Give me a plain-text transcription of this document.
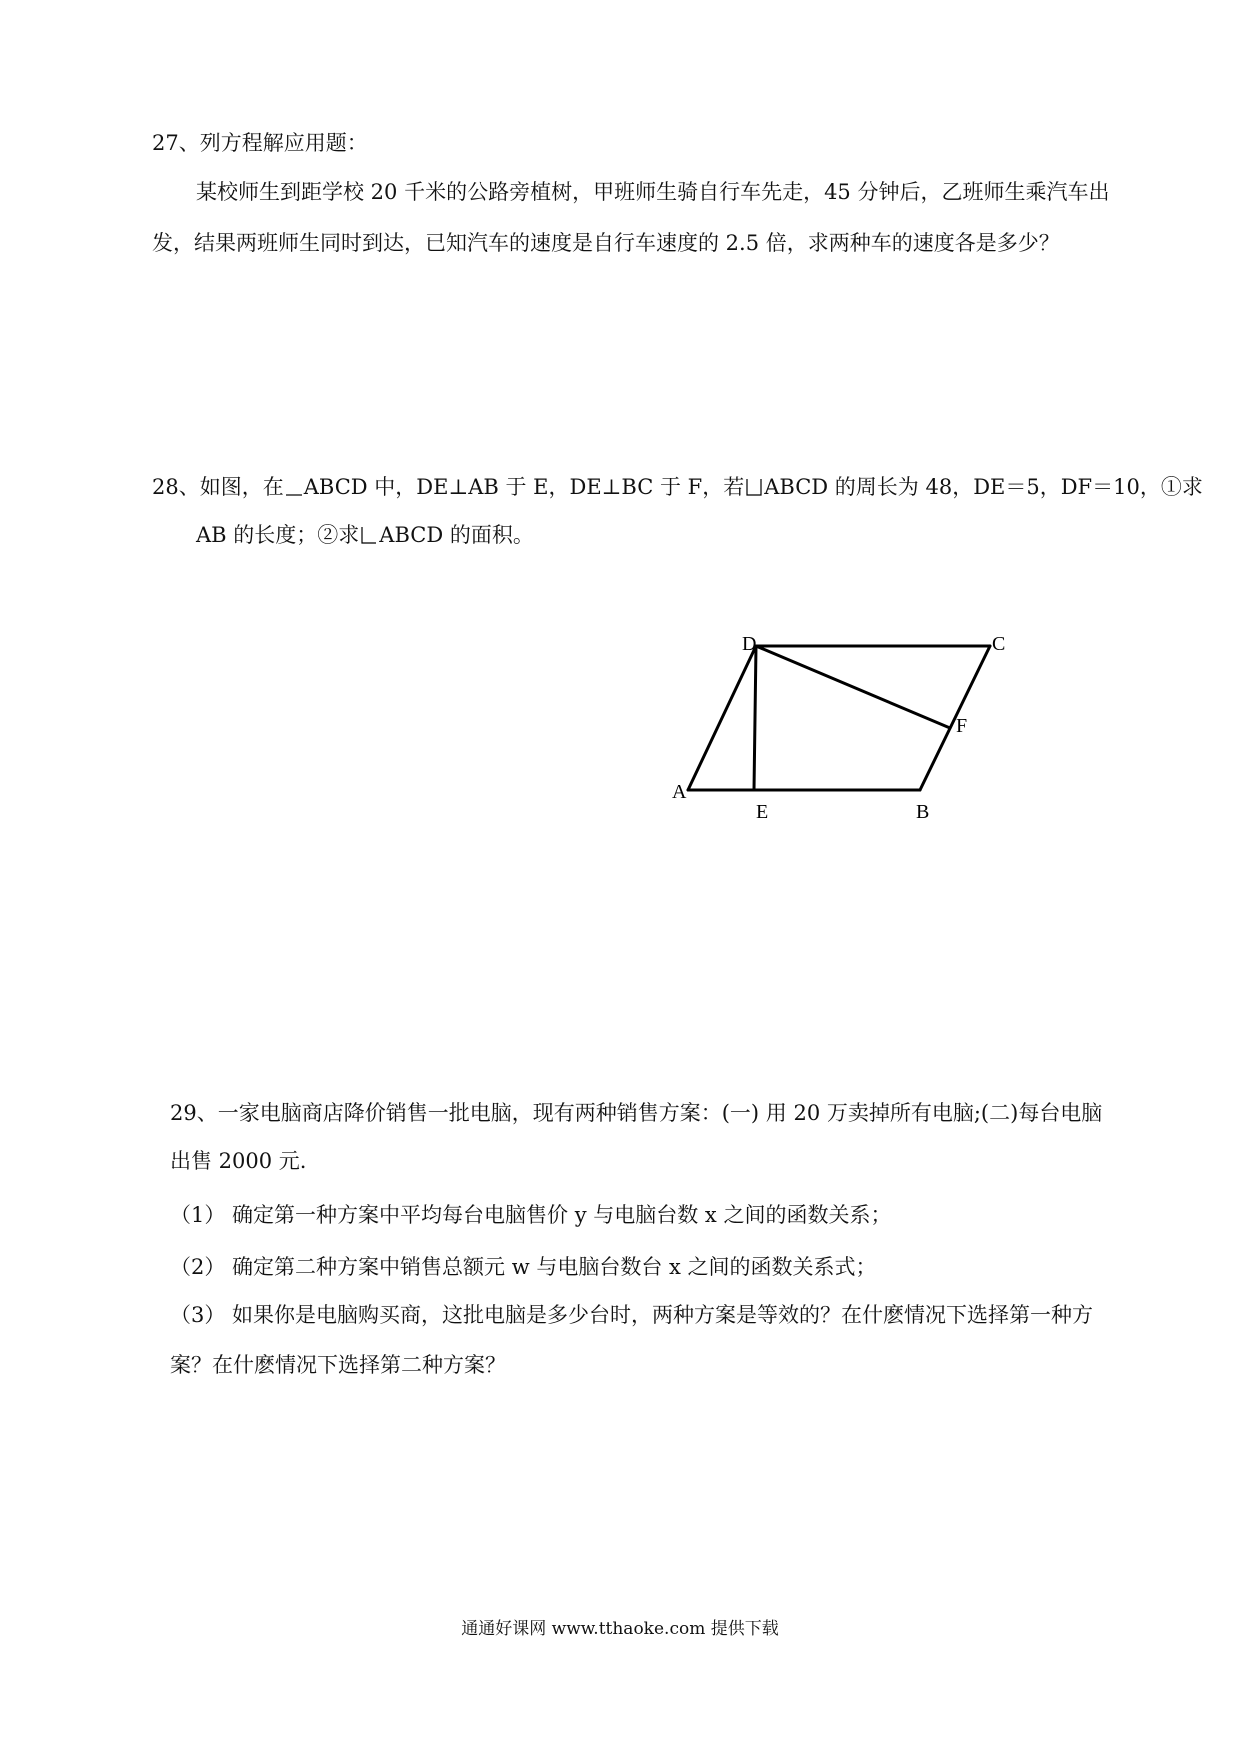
27、列方程解应用题：
某校师生到距学校 20 千米的公路旁植树，甲班师生骑自行车先走，45 分钟后，乙班师生乘汽车出
发，结果两班师生同时到达，已知汽车的速度是自行车速度的 2.5 倍，求两种车的速度各是多少？
28、如图，在 ABCD 中，DE⊥AB 于 E，DE⊥BC 于 F，若 ABCD 的周长为 48，DE＝5，DF＝10，①求
AB 的长度；②求 ABCD 的面积。
D	C
F
A
E	B
29、一家电脑商店降价销售一批电脑，现有两种销售方案：(一) 用 20 万卖掉所有电脑;(二)每台电脑
出售 2000 元.
（1） 确定第一种方案中平均每台电脑售价 y 与电脑台数 x 之间的函数关系；
（2） 确定第二种方案中销售总额元 w 与电脑台数台 x 之间的函数关系式；
（3） 如果你是电脑购买商，这批电脑是多少台时，两种方案是等效的？在什麽情况下选择第一种方
案？在什麽情况下选择第二种方案？
通通好课网 www.tthaoke.com 提供下载
